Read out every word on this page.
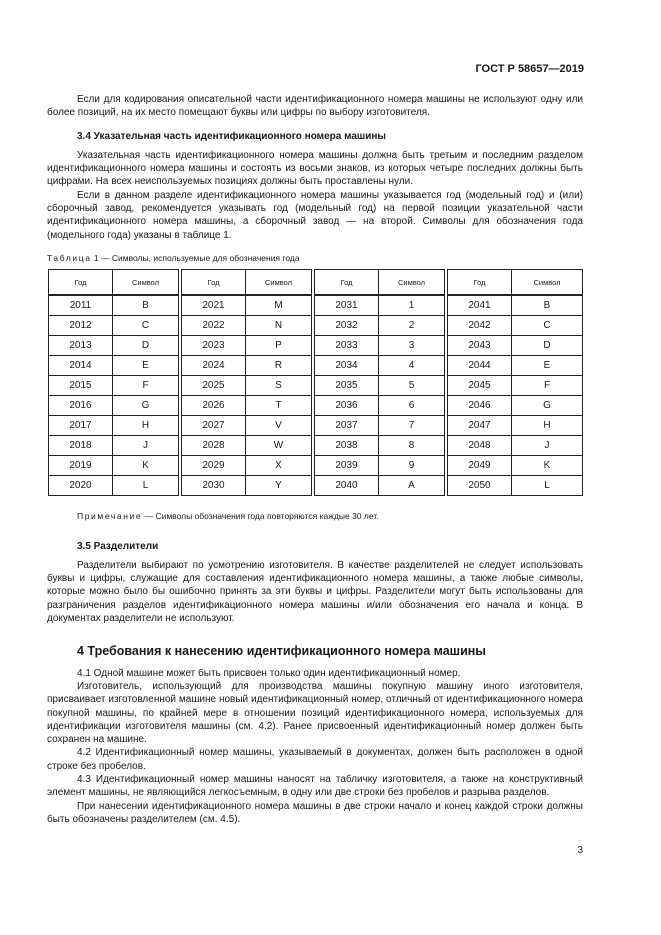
ГОСТ Р 58657—2019

Если для кодирования описательной части идентификационного номера машины не используют одну или более позиций, на их место помещают буквы или цифры по выбору изготовителя.

3.4 Указательная часть идентификационного номера машины

Указательная часть идентификационного номера машины должна быть третьим и последним разделом идентификационного номера машины и состоять из восьми знаков, из которых четыре последних должны быть цифрами. На всех неиспользуемых позициях должны быть проставлены нули.

Если в данном разделе идентификационного номера машины указывается год (модельный год) и (или) сборочный завод, рекомендуется указывать год (модельный год) на первой позиции указательной части идентификационного номера машины, а сборочный завод — на второй. Символы для обозначения года (модельного года) указаны в таблице 1.

Таблица 1 — Символы, используемые для обозначения года
Год	Символ		Год	Символ		Год	Символ		Год	Символ
2011	B		2021	M		2031	1		2041	B
2012	C		2022	N		2032	2		2042	C
2013	D		2023	P		2033	3		2043	D
2014	E		2024	R		2034	4		2044	E
2015	F		2025	S		2035	5		2045	F
2016	G		2026	T		2036	6		2046	G
2017	H		2027	V		2037	7		2047	H
2018	J		2028	W		2038	8		2048	J
2019	K		2029	X		2039	9		2049	K
2020	L		2030	Y		2040	A		2050	L
Примечание — Символы обозначения года повторяются каждые 30 лет.
3.5 Разделители

Разделители выбирают по усмотрению изготовителя. В качестве разделителей не следует использовать буквы и цифры, служащие для составления идентификационного номера машины, а также любые символы, которые можно было бы ошибочно принять за эти буквы и цифры. Разделители могут быть использованы для разграничения разделов идентификационного номера машины и/или обозначения его начала и конца. В документах разделители не используют.

4 Требования к нанесению идентификационного номера машины

4.1 Одной машине может быть присвоен только один идентификационный номер.

Изготовитель, использующий для производства машины покупную машину иного изготовителя, присваивает изготовленной машине новый идентификационный номер, отличный от идентификационного номера покупной машины, по крайней мере в отношении позиций идентификационного номера, используемых для идентификации изготовителя машины (см. 4.2). Ранее присвоенный идентификационный номер должен быть сохранен на машине.

4.2 Идентификационный номер машины, указываемый в документах, должен быть расположен в одной строке без пробелов.

4.3 Идентификационный номер машины наносят на табличку изготовителя, а также на конструктивный элемент машины, не являющийся легкосъемным, в одну или две строки без пробелов и разрыва разделов.

При нанесении идентификационного номера машины в две строки начало и конец каждой строки должны быть обозначены разделителем (см. 4.5).

3
